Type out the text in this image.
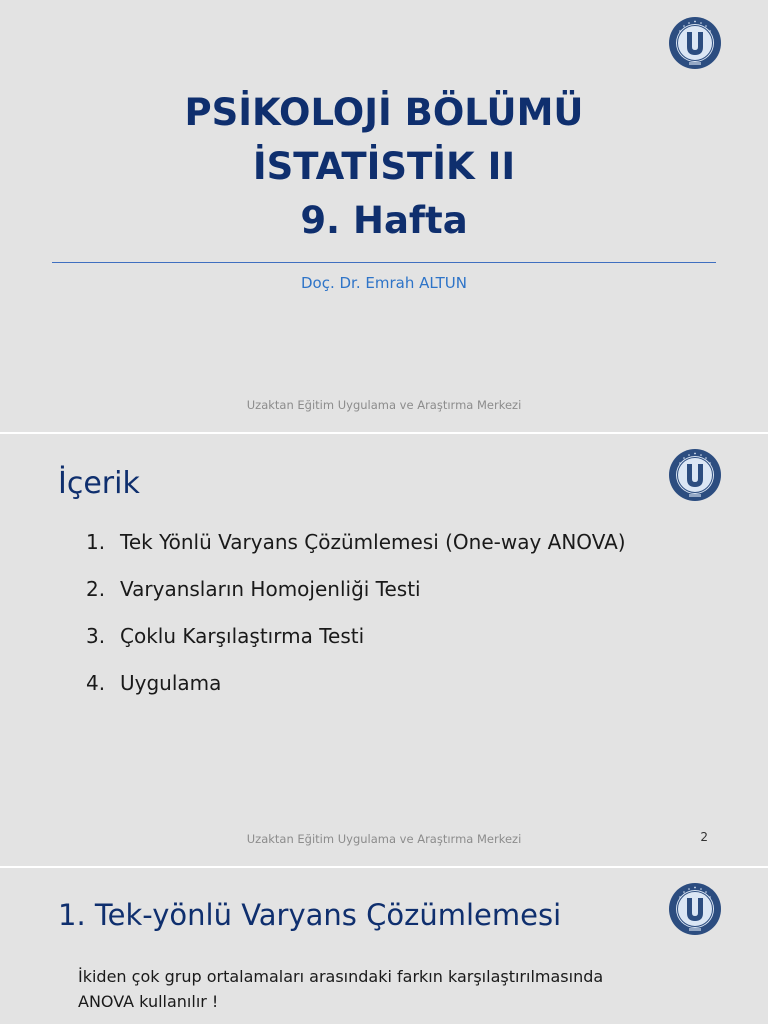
PSİKOLOJİ BÖLÜMÜ
İSTATİSTİK II
9. Hafta
Doç. Dr. Emrah ALTUN
Uzaktan Eğitim Uygulama ve Araştırma Merkezi
İçerik
1. Tek Yönlü Varyans Çözümlemesi (One-way ANOVA)
2. Varyansların Homojenliği Testi
3. Çoklu Karşılaştırma Testi
4. Uygulama
Uzaktan Eğitim Uygulama ve Araştırma Merkezi	2
1. Tek-yönlü Varyans Çözümlemesi
İkiden çok grup ortalamaları arasındaki farkın karşılaştırılmasında
ANOVA kullanılır !
